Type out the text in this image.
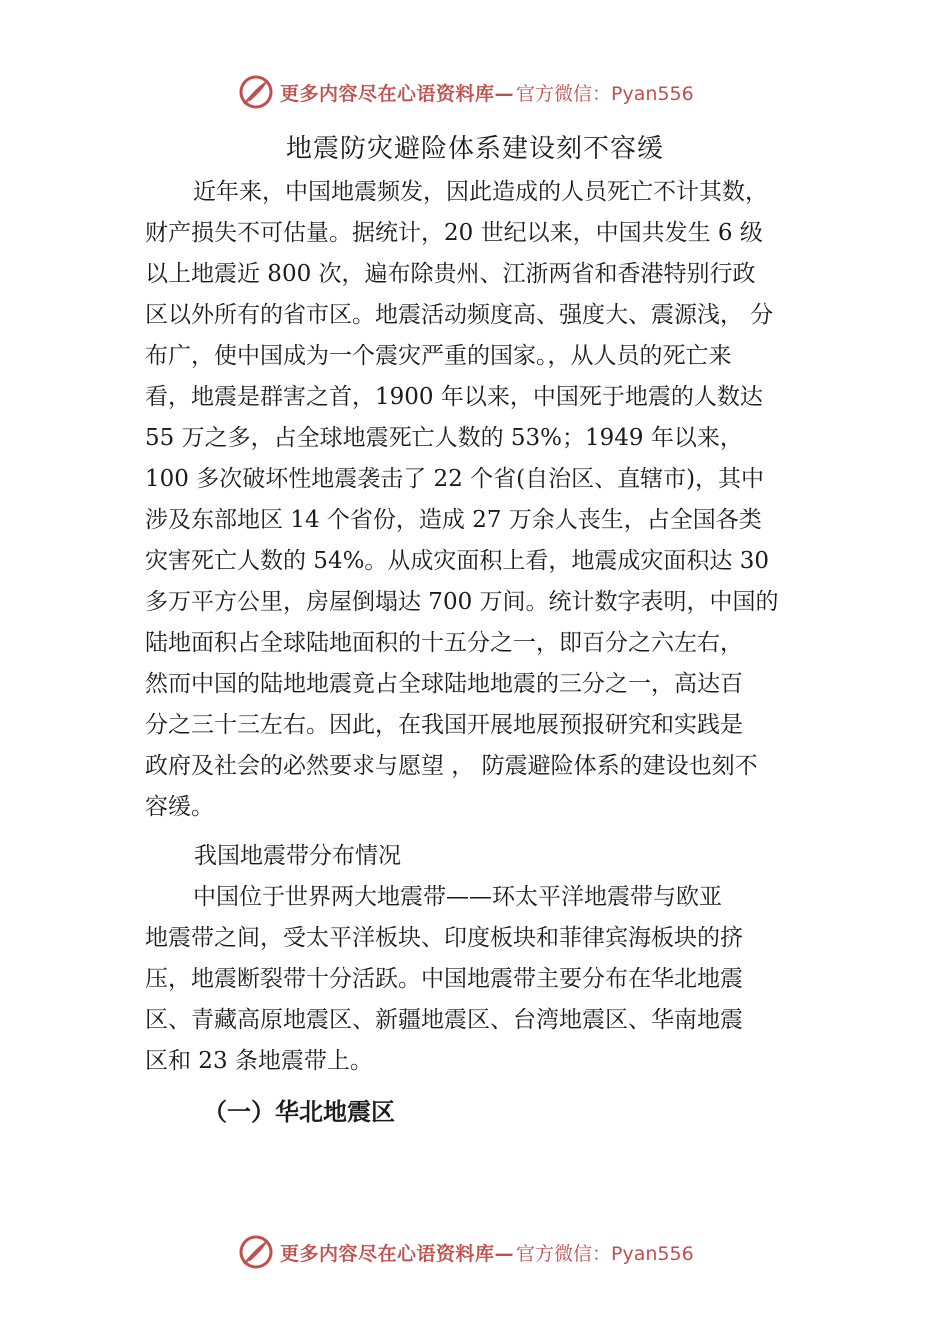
更多内容尽在心语资料库— 官方微信：Pyan556
地震防灾避险体系建设刻不容缓
近年来，中国地震频发，因此造成的人员死亡不计其数，
财产损失不可估量。据统计，20 世纪以来，中国共发生 6 级
以上地震近 800 次，遍布除贵州、江浙两省和香港特别行政
区以外所有的省市区。地震活动频度高、强度大、震源浅， 分
布广，使中国成为一个震灾严重的国家。，从人员的死亡来
看，地震是群害之首，1900 年以来，中国死于地震的人数达
55 万之多，占全球地震死亡人数的 53%；1949 年以来，
100 多次破坏性地震袭击了 22 个省(自治区、直辖市)，其中
涉及东部地区 14 个省份，造成 27 万余人丧生，占全国各类
灾害死亡人数的 54%。从成灾面积上看，地震成灾面积达 30
多万平方公里，房屋倒塌达 700 万间。统计数字表明，中国的
陆地面积占全球陆地面积的十五分之一，即百分之六左右，
然而中国的陆地地震竟占全球陆地地震的三分之一，高达百
分之三十三左右。因此，在我国开展地展预报研究和实践是
政府及社会的必然要求与愿望 ， 防震避险体系的建设也刻不
容缓。
我国地震带分布情况
中国位于世界两大地震带——环太平洋地震带与欧亚
地震带之间，受太平洋板块、印度板块和菲律宾海板块的挤
压，地震断裂带十分活跃。中国地震带主要分布在华北地震
区、青藏高原地震区、新疆地震区、台湾地震区、华南地震
区和 23 条地震带上。
（一）华北地震区
更多内容尽在心语资料库— 官方微信：Pyan556
